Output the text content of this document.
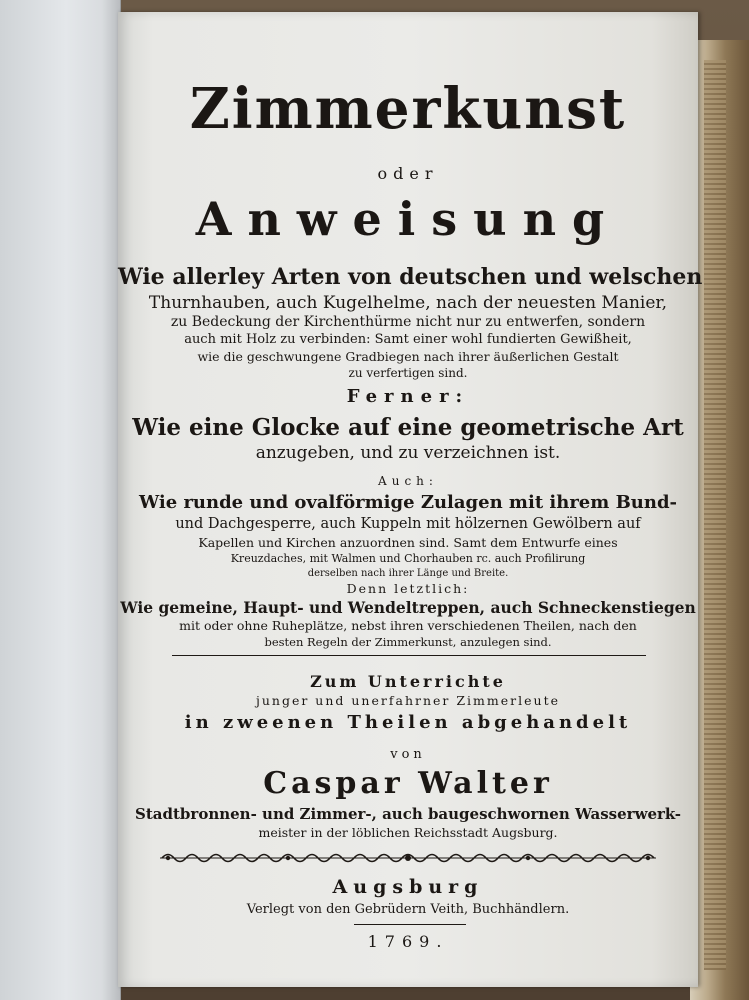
Zimmerkunst
oder
Anweisung
Wie allerley Arten von deutschen und welschen
Thurnhauben, auch Kugelhelme, nach der neuesten Manier,
zu Bedeckung der Kirchenthürme nicht nur zu entwerfen, sondern
auch mit Holz zu verbinden: Samt einer wohl fundierten Gewißheit,
wie die geschwungene Gradbiegen nach ihrer äußerlichen Gestalt
zu verfertigen sind.
Ferner:
Wie eine Glocke auf eine geometrische Art
anzugeben, und zu verzeichnen ist.
Auch:
Wie runde und ovalförmige Zulagen mit ihrem Bund-
und Dachgesperre, auch Kuppeln mit hölzernen Gewölbern auf
Kapellen und Kirchen anzuordnen sind. Samt dem Entwurfe eines
Kreuzdaches, mit Walmen und Chorhauben rc. auch Profilirung
derselben nach ihrer Länge und Breite.
Denn letztlich:
Wie gemeine, Haupt- und Wendeltreppen, auch Schneckenstiegen
mit oder ohne Ruheplätze, nebst ihren verschiedenen Theilen, nach den
besten Regeln der Zimmerkunst, anzulegen sind.
Zum Unterrichte
junger und unerfahrner Zimmerleute
in zweenen Theilen abgehandelt
von
Caspar Walter
Stadtbronnen- und Zimmer-, auch baugeschwornen Wasserwerk-
meister in der löblichen Reichsstadt Augsburg.
Augsburg
Verlegt von den Gebrüdern Veith, Buchhändlern.
1769.
